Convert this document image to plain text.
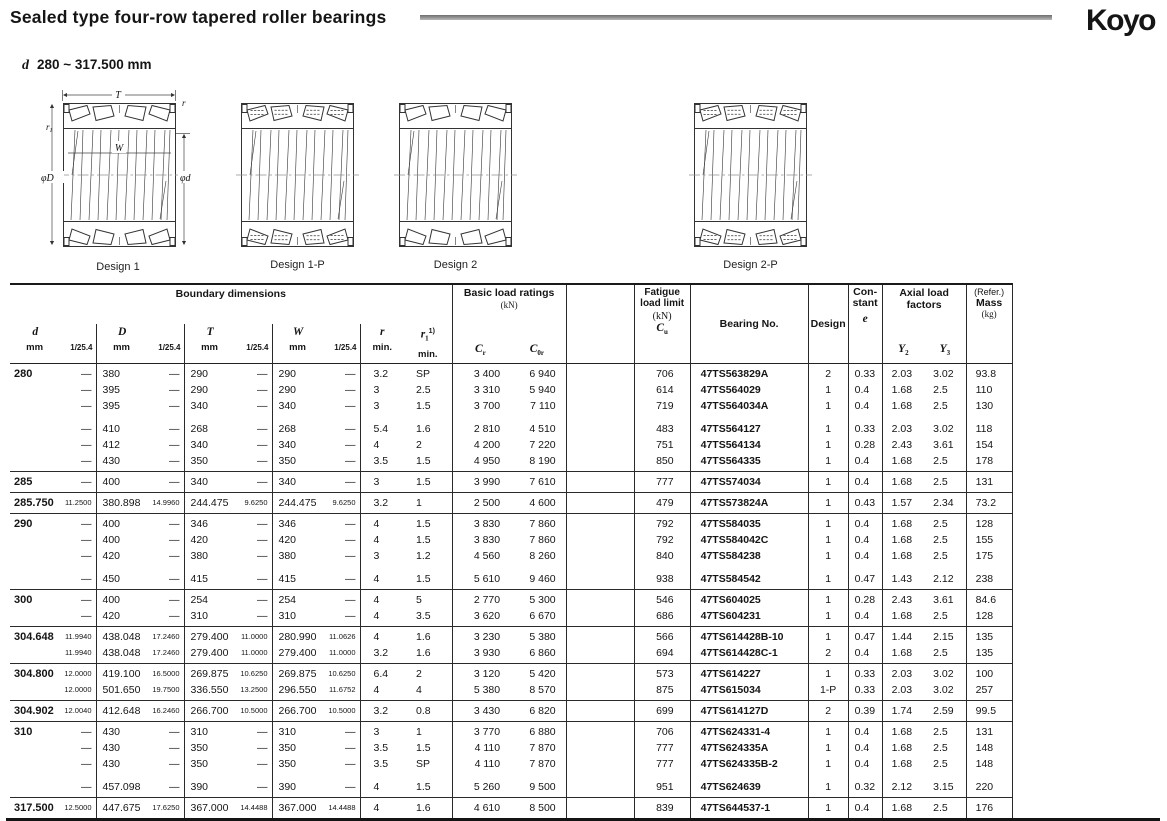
Sealed type four-row tapered roller bearings	Koyo
d 280 ~ 317.500 mm
T
r
$r_1$
φD	φd
W
Design 1	Design 1-P	Design 2	Design 2-P
Boundary dimensions	Basic load ratings
(kN)

Fatigue
load limit
(kN)
$C_u$
	Bearing No.	Design	
Con-
stant
e
	Axial load factors	
(Refer.)
Mass
(kg)

d
mm	1/25.4

D
mm	1/25.4

T
mm	1/25.4

W
mm	1/25.4

r
min.

$r_1^{1)}$
min.	$C_r$	$C_{0r}$	$Y_2$	$Y_3$
280	—	380	—	290	—	290	—	3.2	SP	3 400	6 940		706	47TS563829A	2	0.33	2.03	3.02	93.8
	—	395	—	290	—	290	—	3	2.5	3 310	5 940		614	47TS564029	1	0.4	1.68	2.5	110
	—	395	—	340	—	340	—	3	1.5	3 700	7 110		719	47TS564034A	1	0.4	1.68	2.5	130
	—	410	—	268	—	268	—	5.4	1.6	2 810	4 510		483	47TS564127	1	0.33	2.03	3.02	118
	—	412	—	340	—	340	—	4	2	4 200	7 220		751	47TS564134	1	0.28	2.43	3.61	154
	—	430	—	350	—	350	—	3.5	1.5	4 950	8 190		850	47TS564335	1	0.4	1.68	2.5	178
285	—	400	—	340	—	340	—	3	1.5	3 990	7 610		777	47TS574034	1	0.4	1.68	2.5	131
285.750	11.2500	380.898	14.9960	244.475	9.6250	244.475	9.6250	3.2	1	2 500	4 600		479	47TS573824A	1	0.43	1.57	2.34	73.2
290	—	400	—	346	—	346	—	4	1.5	3 830	7 860		792	47TS584035	1	0.4	1.68	2.5	128
	—	400	—	420	—	420	—	4	1.5	3 830	7 860		792	47TS584042C	1	0.4	1.68	2.5	155
	—	420	—	380	—	380	—	3	1.2	4 560	8 260		840	47TS584238	1	0.4	1.68	2.5	175
	—	450	—	415	—	415	—	4	1.5	5 610	9 460		938	47TS584542	1	0.47	1.43	2.12	238
300	—	400	—	254	—	254	—	4	5	2 770	5 300		546	47TS604025	1	0.28	2.43	3.61	84.6
	—	420	—	310	—	310	—	4	3.5	3 620	6 670		686	47TS604231	1	0.4	1.68	2.5	128
304.648	11.9940	438.048	17.2460	279.400	11.0000	280.990	11.0626	4	1.6	3 230	5 380		566	47TS614428B-10	1	0.47	1.44	2.15	135
	11.9940	438.048	17.2460	279.400	11.0000	279.400	11.0000	3.2	1.6	3 930	6 860		694	47TS614428C-1	2	0.4	1.68	2.5	135
304.800	12.0000	419.100	16.5000	269.875	10.6250	269.875	10.6250	6.4	2	3 120	5 420		573	47TS614227	1	0.33	2.03	3.02	100
	12.0000	501.650	19.7500	336.550	13.2500	296.550	11.6752	4	4	5 380	8 570		875	47TS615034	1-P	0.33	2.03	3.02	257
304.902	12.0040	412.648	16.2460	266.700	10.5000	266.700	10.5000	3.2	0.8	3 430	6 820		699	47TS614127D	2	0.39	1.74	2.59	99.5
310	—	430	—	310	—	310	—	3	1	3 770	6 880		706	47TS624331-4	1	0.4	1.68	2.5	131
	—	430	—	350	—	350	—	3.5	1.5	4 110	7 870		777	47TS624335A	1	0.4	1.68	2.5	148
	—	430	—	350	—	350	—	3.5	SP	4 110	7 870		777	47TS624335B-2	1	0.4	1.68	2.5	148
	—	457.098	—	390	—	390	—	4	1.5	5 260	9 500		951	47TS624639	1	0.32	2.12	3.15	220
317.500	12.5000	447.675	17.6250	367.000	14.4488	367.000	14.4488	4	1.6	4 610	8 500		839	47TS644537-1	1	0.4	1.68	2.5	176
